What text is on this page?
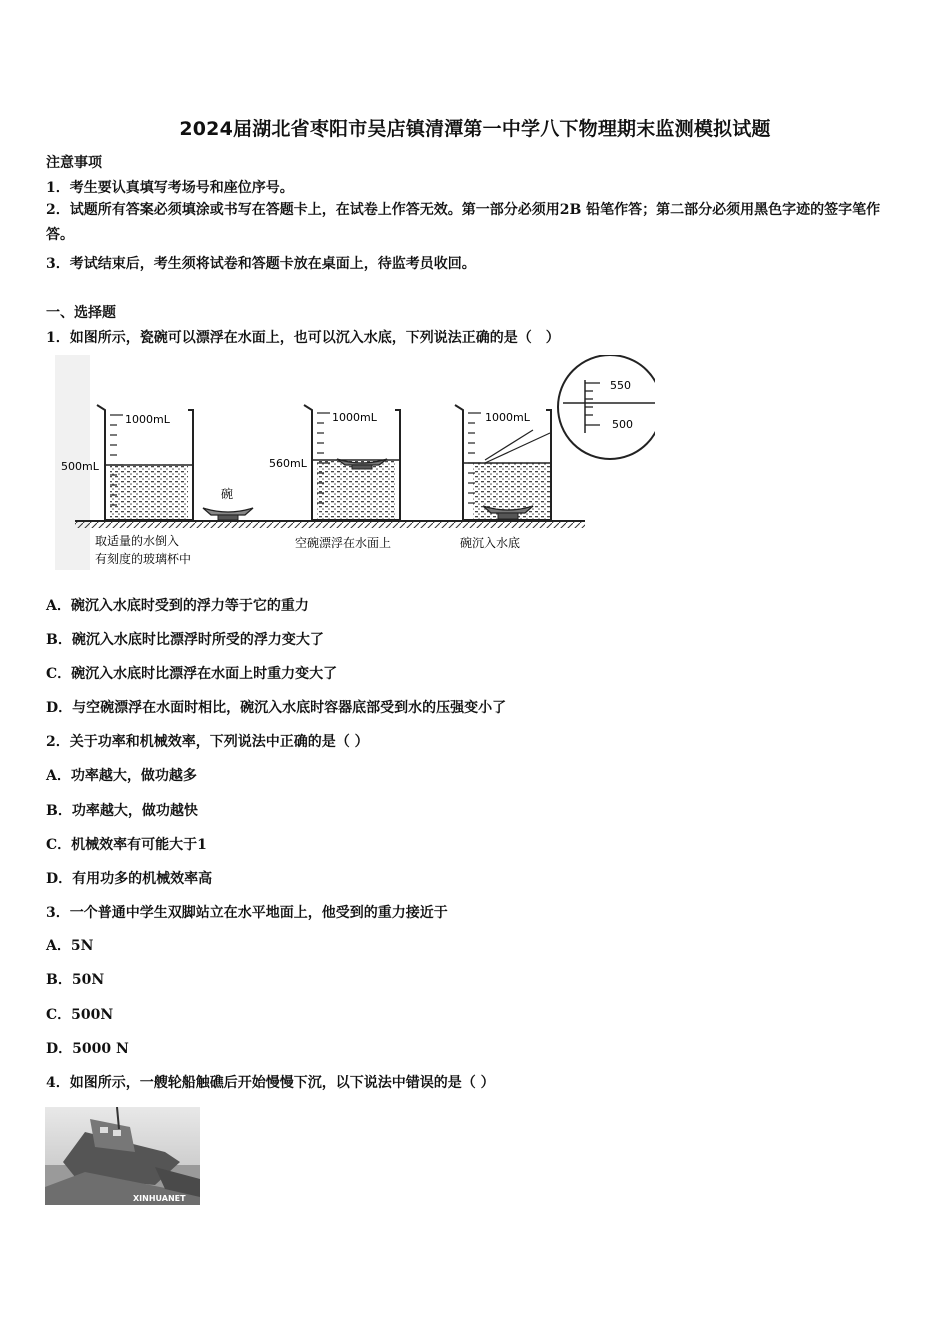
2024届湖北省枣阳市吴店镇清潭第一中学八下物理期末监测模拟试题
注意事项
1．考生要认真填写考场号和座位序号。
2．试题所有答案必须填涂或书写在答题卡上，在试卷上作答无效。第一部分必须用2B 铅笔作答；第二部分必须用黑色字迹的签字笔作答。
3．考试结束后，考生须将试卷和答题卡放在桌面上，待监考员收回。
一、选择题
1．如图所示，瓷碗可以漂浮在水面上，也可以沉入水底，下列说法正确的是（　）
1000mL
500mL
碗
取适量的水倒入
有刻度的玻璃杯中
1000mL
560mL
空碗漂浮在水面上
1000mL
碗沉入水底
550
500
A．碗沉入水底时受到的浮力等于它的重力
B．碗沉入水底时比漂浮时所受的浮力变大了
C．碗沉入水底时比漂浮在水面上时重力变大了
D．与空碗漂浮在水面时相比，碗沉入水底时容器底部受到水的压强变小了
2．关于功率和机械效率，下列说法中正确的是（ ）
A．功率越大，做功越多
B．功率越大，做功越快
C．机械效率有可能大于1
D．有用功多的机械效率高
3．一个普通中学生双脚站立在水平地面上，他受到的重力接近于
A．5N
B．50N
C．500N
D．5000 N
4．如图所示，一艘轮船触礁后开始慢慢下沉，以下说法中错误的是（ ）
XINHUANET
